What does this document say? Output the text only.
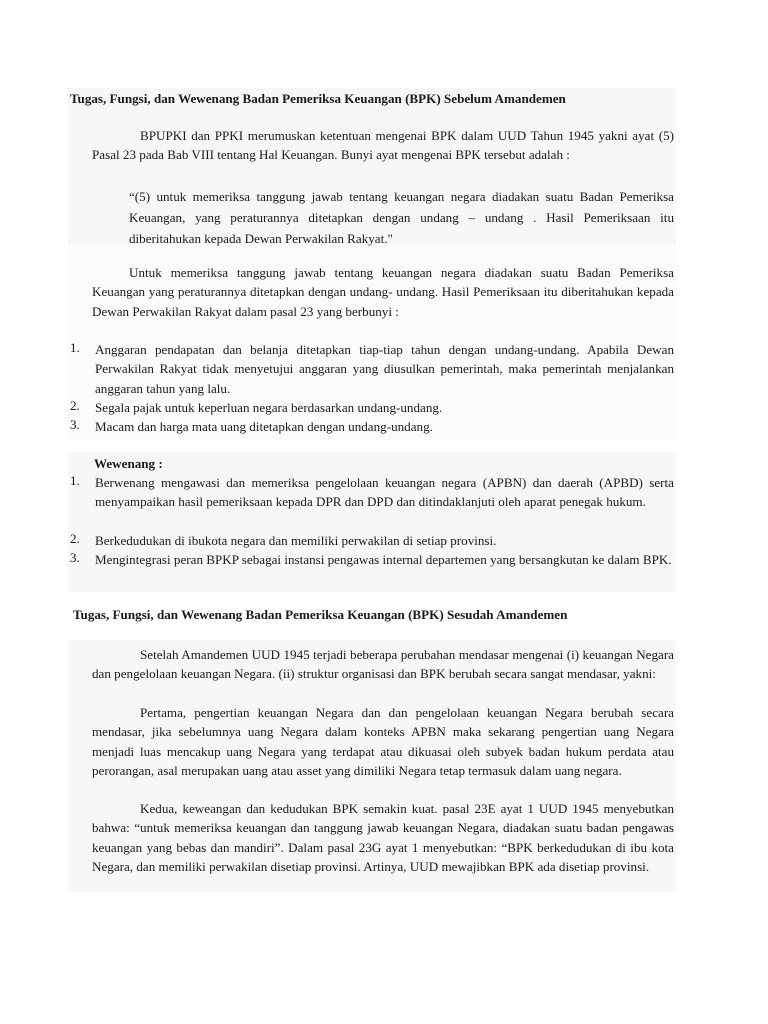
Tugas, Fungsi, dan Wewenang Badan Pemeriksa Keuangan (BPK) Sebelum Amandemen
BPUPKI dan PPKI merumuskan ketentuan mengenai BPK dalam UUD Tahun 1945 yakni ayat (5) Pasal 23 pada Bab VIII tentang Hal Keuangan. Bunyi ayat mengenai BPK tersebut adalah :
“(5) untuk memeriksa tanggung jawab tentang keuangan negara diadakan suatu Badan Pemeriksa Keuangan, yang peraturannya ditetapkan dengan undang – undang . Hasil Pemeriksaan itu diberitahukan kepada Dewan Perwakilan Rakyat."
Untuk memeriksa tanggung jawab tentang keuangan negara diadakan suatu Badan Pemeriksa Keuangan yang peraturannya ditetapkan dengan undang- undang. Hasil Pemeriksaan itu diberitahukan kepada Dewan Perwakilan Rakyat dalam pasal 23 yang berbunyi :
1. Anggaran pendapatan dan belanja ditetapkan tiap-tiap tahun dengan undang-undang. Apabila Dewan Perwakilan Rakyat tidak menyetujui anggaran yang diusulkan pemerintah, maka pemerintah menjalankan anggaran tahun yang lalu.
2. Segala pajak untuk keperluan negara berdasarkan undang-undang.
3. Macam dan harga mata uang ditetapkan dengan undang-undang.
Wewenang :
1. Berwenang mengawasi dan memeriksa pengelolaan keuangan negara (APBN) dan daerah (APBD) serta menyampaikan hasil pemeriksaan kepada DPR dan DPD dan ditindaklanjuti oleh aparat penegak hukum.
2. Berkedudukan di ibukota negara dan memiliki perwakilan di setiap provinsi.
3. Mengintegrasi peran BPKP sebagai instansi pengawas internal departemen yang bersangkutan ke dalam BPK.
Tugas, Fungsi, dan Wewenang Badan Pemeriksa Keuangan (BPK) Sesudah Amandemen
Setelah Amandemen UUD 1945 terjadi beberapa perubahan mendasar mengenai (i) keuangan Negara dan pengelolaan keuangan Negara. (ii) struktur organisasi dan BPK berubah secara sangat mendasar, yakni:
Pertama, pengertian keuangan Negara dan dan pengelolaan keuangan Negara berubah secara mendasar, jika sebelumnya uang Negara dalam konteks APBN maka sekarang pengertian uang Negara menjadi luas mencakup uang Negara yang terdapat atau dikuasai oleh subyek badan hukum perdata atau perorangan, asal merupakan uang atau asset yang dimiliki Negara tetap termasuk dalam uang negara.
Kedua, keweangan dan kedudukan BPK semakin kuat. pasal 23E ayat 1 UUD 1945 menyebutkan bahwa: “untuk memeriksa keuangan dan tanggung jawab keuangan Negara, diadakan suatu badan pengawas keuangan yang bebas dan mandiri”. Dalam pasal 23G ayat 1 menyebutkan: “BPK berkedudukan di ibu kota Negara, dan memiliki perwakilan disetiap provinsi. Artinya, UUD mewajibkan BPK ada disetiap provinsi.
